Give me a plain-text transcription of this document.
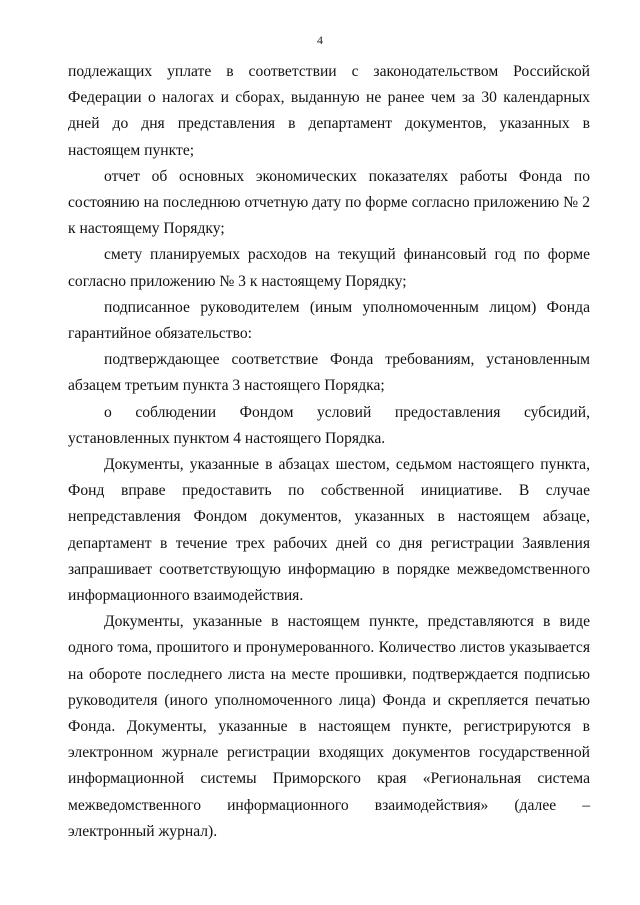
4

подлежащих уплате в соответствии с законодательством Российской Федерации о налогах и сборах, выданную не ранее чем за 30 календарных дней до дня представления в департамент документов, указанных в настоящем пункте;

отчет об основных экономических показателях работы Фонда по состоянию на последнюю отчетную дату по форме согласно приложению № 2 к настоящему Порядку;

смету планируемых расходов на текущий финансовый год по форме согласно приложению № 3 к настоящему Порядку;

подписанное руководителем (иным уполномоченным лицом) Фонда гарантийное обязательство:

подтверждающее соответствие Фонда требованиям, установленным абзацем третьим пункта 3 настоящего Порядка;

о соблюдении Фондом условий предоставления субсидий, установленных пунктом 4 настоящего Порядка.

Документы, указанные в абзацах шестом, седьмом настоящего пункта, Фонд вправе предоставить по собственной инициативе. В случае непредставления Фондом документов, указанных в настоящем абзаце, департамент в течение трех рабочих дней со дня регистрации Заявления запрашивает соответствующую информацию в порядке межведомственного информационного взаимодействия.

Документы, указанные в настоящем пункте, представляются в виде одного тома, прошитого и пронумерованного. Количество листов указывается на обороте последнего листа на месте прошивки, подтверждается подписью руководителя (иного уполномоченного лица) Фонда и скрепляется печатью Фонда. Документы, указанные в настоящем пункте, регистрируются в электронном журнале регистрации входящих документов государственной информационной системы Приморского края «Региональная система межведомственного информационного взаимодействия» (далее – электронный журнал).
